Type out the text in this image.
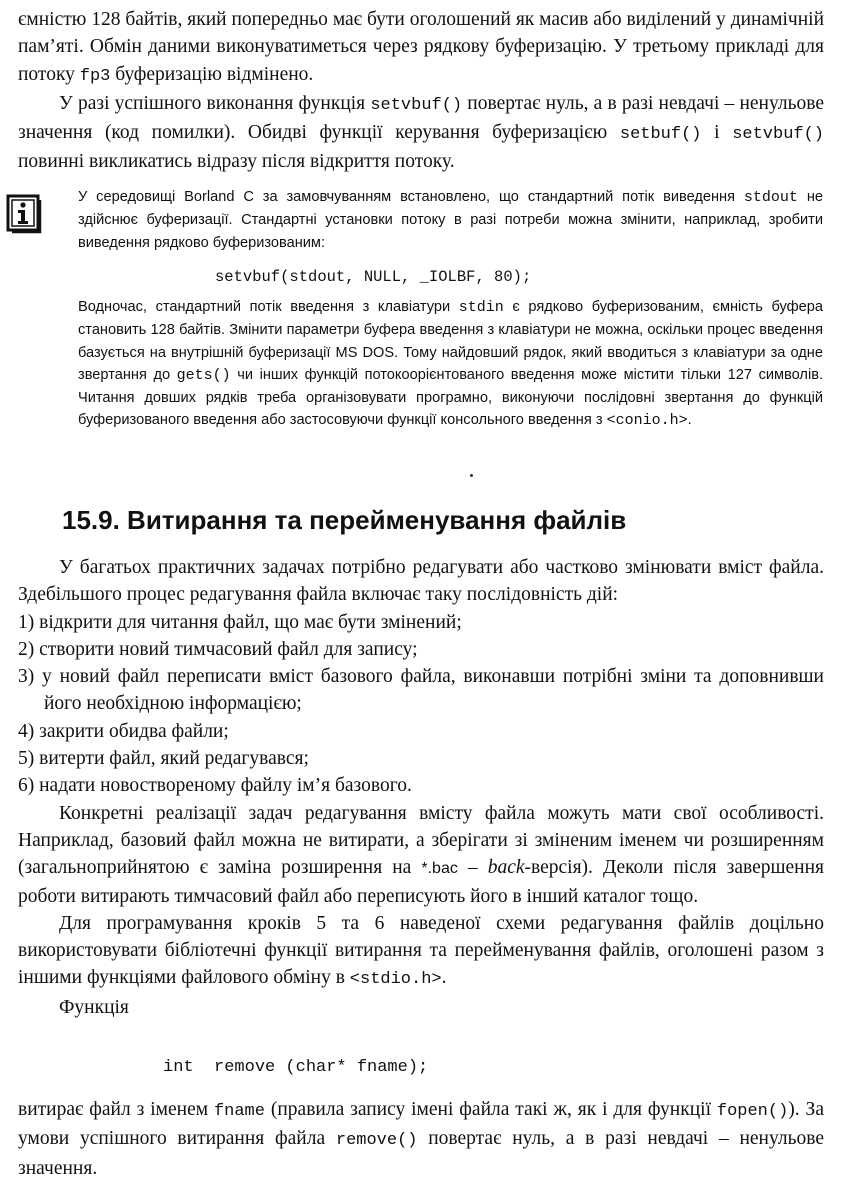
ємністю 128 байтів, який попередньо має бути оголошений як масив або виділений у динамічній пам’яті. Обмін даними виконуватиметься через рядкову буферизацію. У третьому прикладі для потоку fp3 буферизацію відмінено.

У разі успішного виконання функція setvbuf() повертає нуль, а в разі невдачі – ненульове значення (код помилки). Обидві функції керування буферизацією setbuf() і setvbuf() повинні викликатись відразу після відкриття потоку.

У середовищі Borland C за замовчуванням встановлено, що стандартний потік виведення stdout не здійснює буферизації. Стандартні установки потоку в разі потреби можна змінити, наприклад, зробити виведення рядково буферизованим:

setvbuf(stdout, NULL, _IOLBF, 80);

Водночас, стандартний потік введення з клавіатури stdin є рядково буферизованим, ємність буфера становить 128 байтів. Змінити параметри буфера введення з клавіатури не можна, оскільки процес введення базується на внутрішній буферизації MS DOS. Тому найдовший рядок, який вводиться з клавіатури за одне звертання до gets() чи інших функцій потокоорієнтованого введення може містити тільки 127 символів. Читання довших рядків треба організовувати програмно, виконуючи послідовні звертання до функцій буферизованого введення або застосовуючи функції консольного введення з <conio.h>.

15.9. Витирання та перейменування файлів

У багатьох практичних задачах потрібно редагувати або частково змінювати вміст файла. Здебільшого процес редагування файла включає таку послідовність дій:

1) відкрити для читання файл, що має бути змінений;

2) створити новий тимчасовий файл для запису;

3) у новий файл переписати вміст базового файла, виконавши потрібні зміни та доповнивши його необхідною інформацією;

4) закрити обидва файли;

5) витерти файл, який редагувався;

6) надати новоствореному файлу ім’я базового.

Конкретні реалізації задач редагування вмісту файла можуть мати свої особливості. Наприклад, базовий файл можна не витирати, а зберігати зі зміненим іменем чи розширенням (загальноприйнятою є заміна розширення на *.bac – back-версія). Деколи після завершення роботи витирають тимчасовий файл або переписують його в інший каталог тощо.

Для програмування кроків 5 та 6 наведеної схеми редагування файлів доцільно використовувати бібліотечні функції витирання та перейменування файлів, оголошені разом з іншими функціями файлового обміну в <stdio.h>.

Функція

int  remove (char* fname);

витирає файл з іменем fname (правила запису імені файла такі ж, як і для функції fopen()). За умови успішного витирання файла remove() повертає нуль, а в разі невдачі – ненульове значення.
